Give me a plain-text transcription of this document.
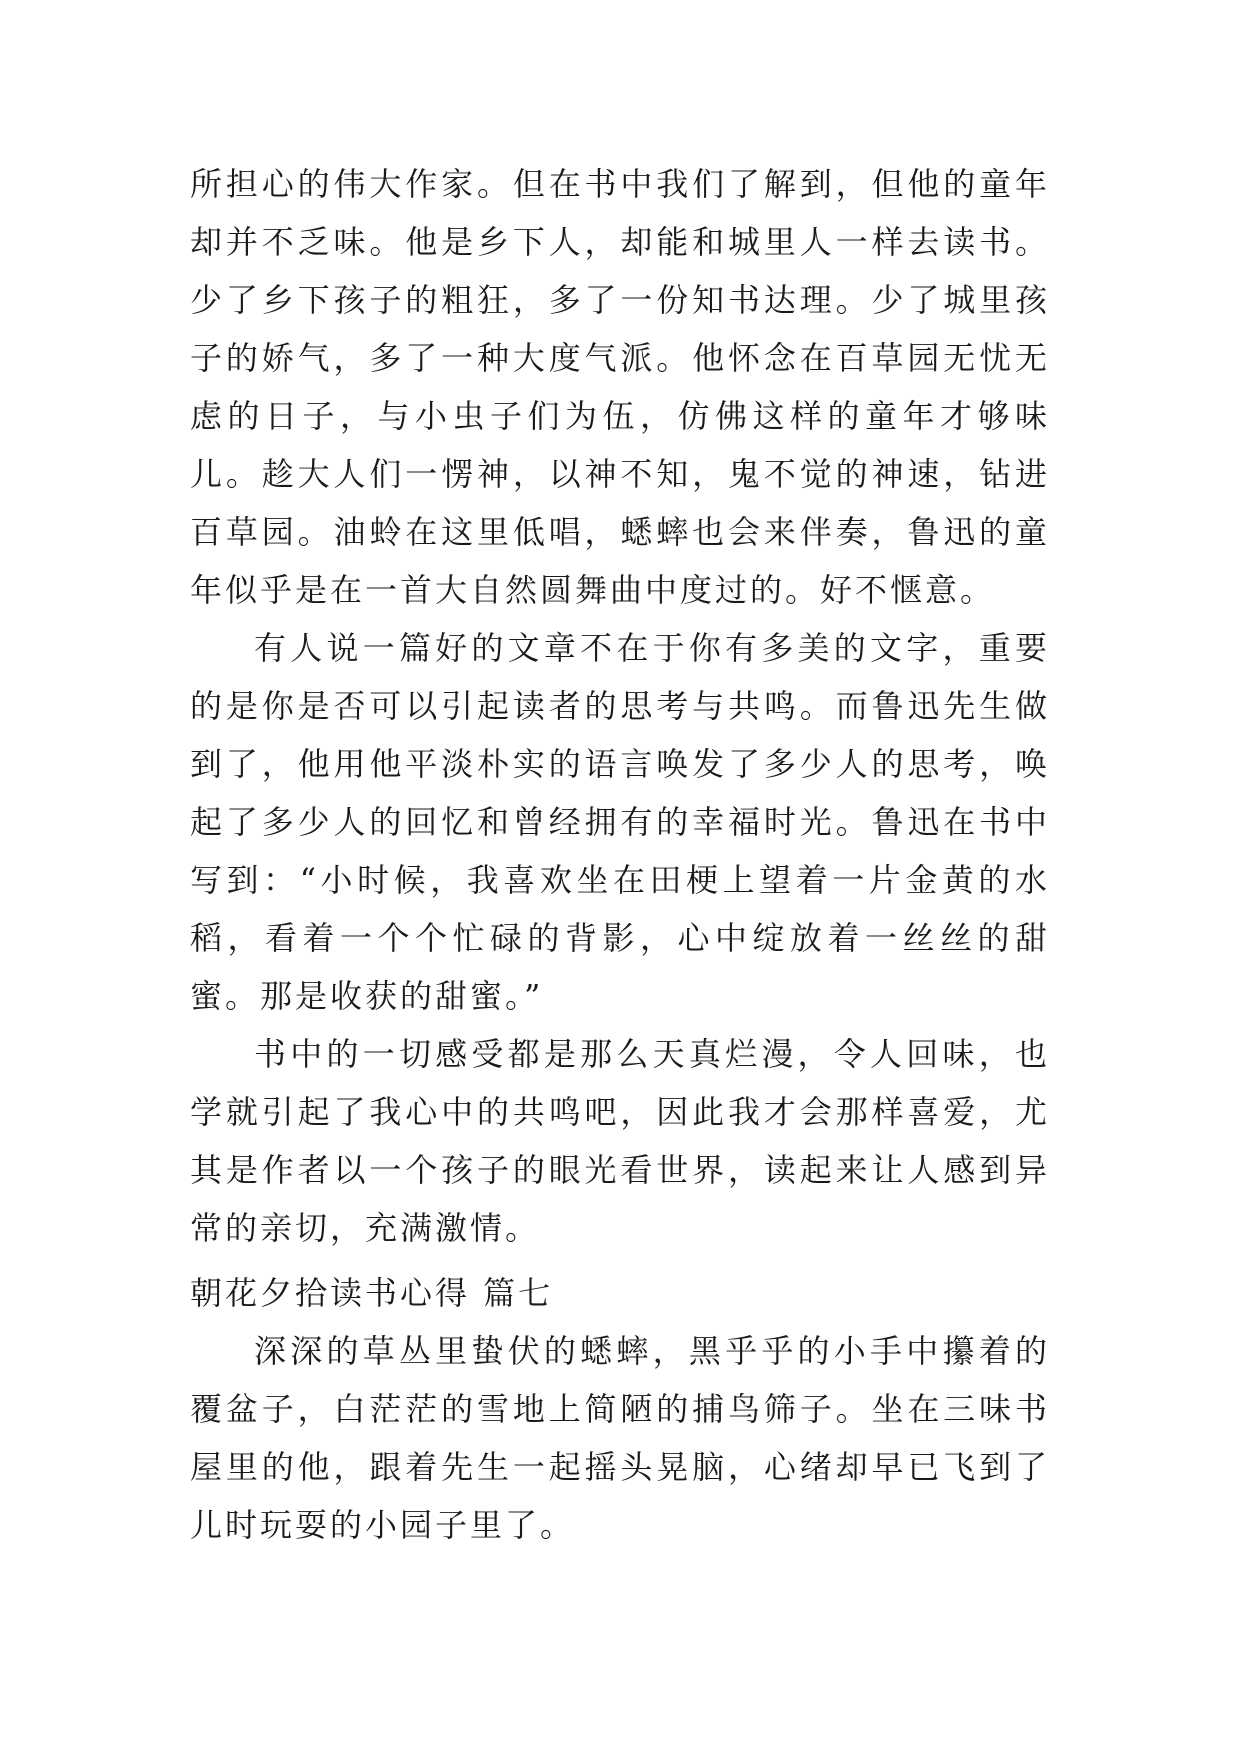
所担心的伟大作家。但在书中我们了解到，但他的童年却并不乏味。他是乡下人，却能和城里人一样去读书。少了乡下孩子的粗狂，多了一份知书达理。少了城里孩子的娇气，多了一种大度气派。他怀念在百草园无忧无虑的日子，与小虫子们为伍，仿佛这样的童年才够味儿。趁大人们一愣神，以神不知，鬼不觉的神速，钻进百草园。油蛉在这里低唱，蟋蟀也会来伴奏，鲁迅的童年似乎是在一首大自然圆舞曲中度过的。好不惬意。

有人说一篇好的文章不在于你有多美的文字，重要的是你是否可以引起读者的思考与共鸣。而鲁迅先生做到了，他用他平淡朴实的语言唤发了多少人的思考，唤起了多少人的回忆和曾经拥有的幸福时光。鲁迅在书中写到：“小时候，我喜欢坐在田梗上望着一片金黄的水稻，看着一个个忙碌的背影，心中绽放着一丝丝的甜蜜。那是收获的甜蜜。”

书中的一切感受都是那么天真烂漫，令人回味，也学就引起了我心中的共鸣吧，因此我才会那样喜爱，尤其是作者以一个孩子的眼光看世界，读起来让人感到异常的亲切，充满激情。

朝花夕拾读书心得 篇七

深深的草丛里蛰伏的蟋蟀，黑乎乎的小手中攥着的覆盆子，白茫茫的雪地上简陋的捕鸟筛子。坐在三味书屋里的他，跟着先生一起摇头晃脑，心绪却早已飞到了儿时玩耍的小园子里了。
